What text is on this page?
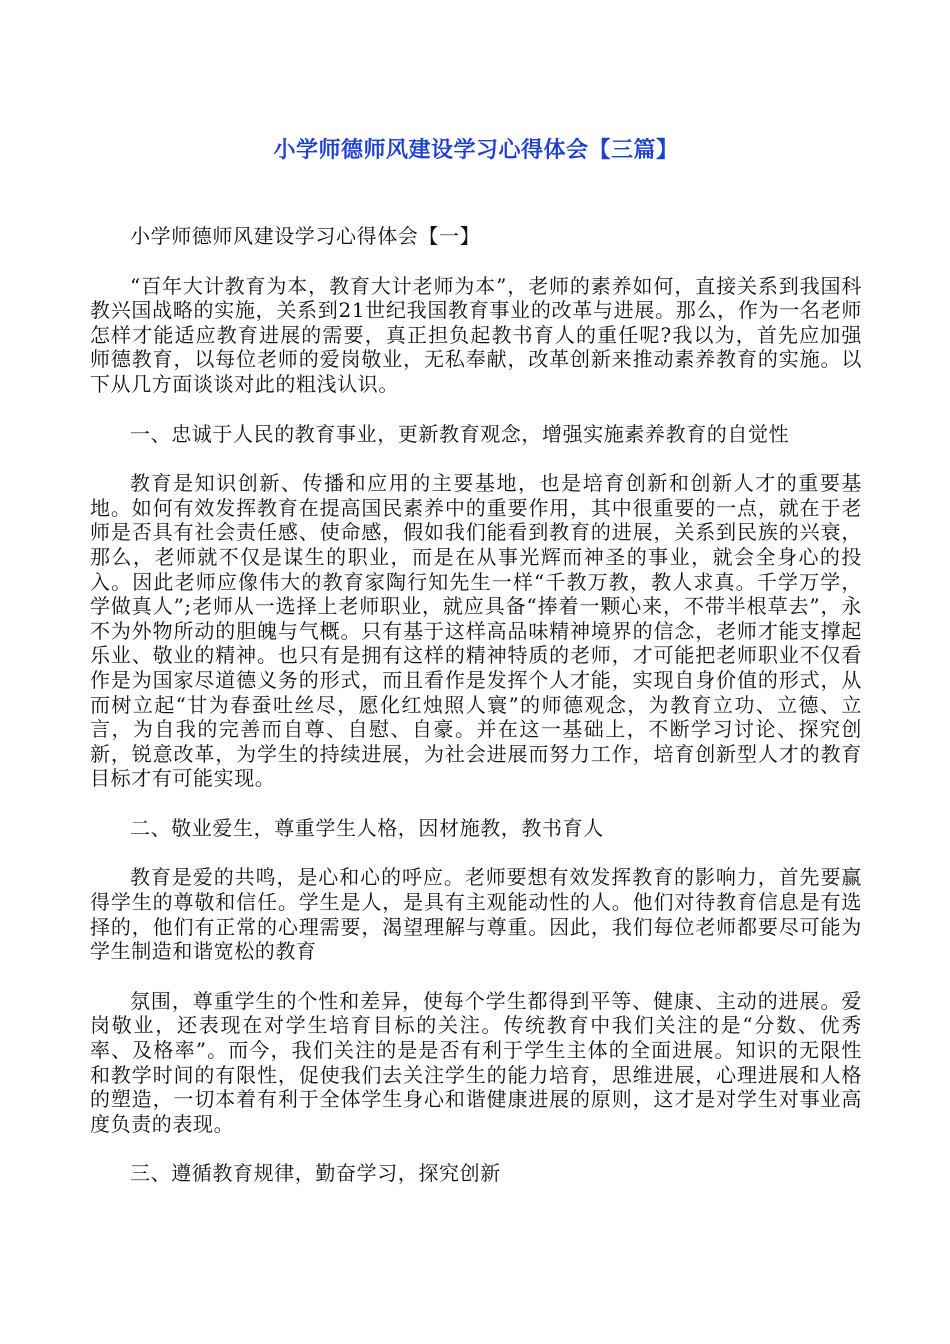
小学师德师风建设学习心得体会【三篇】

小学师德师风建设学习心得体会【一】

“百年大计教育为本，教育大计老师为本”，老师的素养如何，直接关系到我国科教兴国战略的实施，关系到21世纪我国教育事业的改革与进展。那么，作为一名老师怎样才能适应教育进展的需要，真正担负起教书育人的重任呢?我以为，首先应加强师德教育，以每位老师的爱岗敬业，无私奉献，改革创新来推动素养教育的实施。以下从几方面谈谈对此的粗浅认识。

一、忠诚于人民的教育事业，更新教育观念，增强实施素养教育的自觉性

教育是知识创新、传播和应用的主要基地，也是培育创新和创新人才的重要基地。如何有效发挥教育在提高国民素养中的重要作用，其中很重要的一点，就在于老师是否具有社会责任感、使命感，假如我们能看到教育的进展，关系到民族的兴衰，那么，老师就不仅是谋生的职业，而是在从事光辉而神圣的事业，就会全身心的投入。因此老师应像伟大的教育家陶行知先生一样“千教万教，教人求真。千学万学，学做真人”;老师从一选择上老师职业，就应具备“捧着一颗心来，不带半根草去”，永不为外物所动的胆魄与气概。只有基于这样高品味精神境界的信念，老师才能支撑起乐业、敬业的精神。也只有是拥有这样的精神特质的老师，才可能把老师职业不仅看作是为国家尽道德义务的形式，而且看作是发挥个人才能，实现自身价值的形式，从而树立起“甘为春蚕吐丝尽，愿化红烛照人寰”的师德观念，为教育立功、立德、立言，为自我的完善而自尊、自慰、自豪。并在这一基础上，不断学习讨论、探究创新，锐意改革，为学生的持续进展，为社会进展而努力工作，培育创新型人才的教育目标才有可能实现。

二、敬业爱生，尊重学生人格，因材施教，教书育人

教育是爱的共鸣，是心和心的呼应。老师要想有效发挥教育的影响力，首先要赢得学生的尊敬和信任。学生是人，是具有主观能动性的人。他们对待教育信息是有选择的，他们有正常的心理需要，渴望理解与尊重。因此，我们每位老师都要尽可能为学生制造和谐宽松的教育

氛围，尊重学生的个性和差异，使每个学生都得到平等、健康、主动的进展。爱岗敬业，还表现在对学生培育目标的关注。传统教育中我们关注的是“分数、优秀率、及格率”。而今，我们关注的是是否有利于学生主体的全面进展。知识的无限性和教学时间的有限性，促使我们去关注学生的能力培育，思维进展，心理进展和人格的塑造，一切本着有利于全体学生身心和谐健康进展的原则，这才是对学生对事业高度负责的表现。

三、遵循教育规律，勤奋学习，探究创新
